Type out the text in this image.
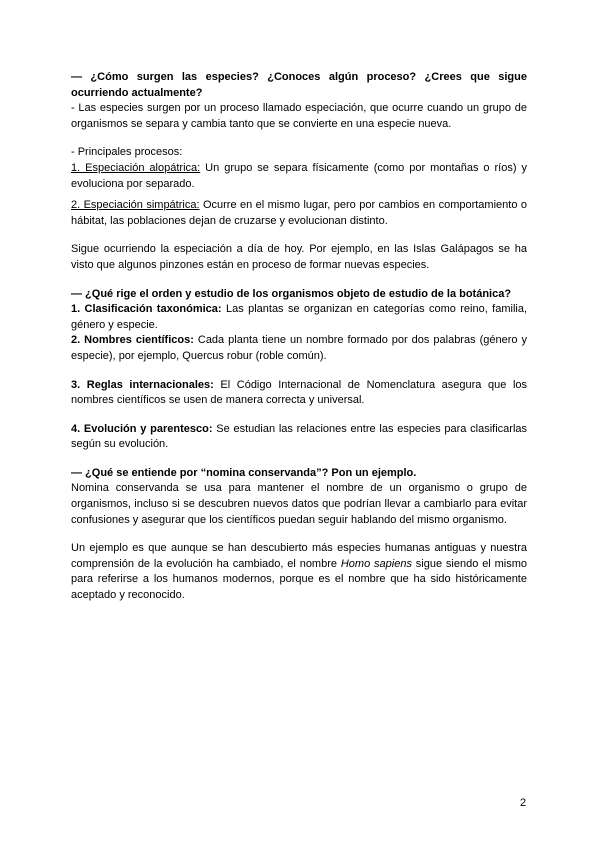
— ¿Cómo surgen las especies? ¿Conoces algún proceso? ¿Crees que sigue ocurriendo actualmente?

- Las especies surgen por un proceso llamado especiación, que ocurre cuando un grupo de organismos se separa y cambia tanto que se convierte en una especie nueva.

- Principales procesos:

1. Especiación alopátrica: Un grupo se separa físicamente (como por montañas o ríos) y evoluciona por separado.

2. Especiación simpátrica: Ocurre en el mismo lugar, pero por cambios en comportamiento o hábitat, las poblaciones dejan de cruzarse y evolucionan distinto.

Sigue ocurriendo la especiación a día de hoy. Por ejemplo, en las Islas Galápagos se ha visto que algunos pinzones están en proceso de formar nuevas especies.

— ¿Qué rige el orden y estudio de los organismos objeto de estudio de la botánica?

1. Clasificación taxonómica: Las plantas se organizan en categorías como reino, familia, género y especie.

2. Nombres científicos: Cada planta tiene un nombre formado por dos palabras (género y especie), por ejemplo, Quercus robur (roble común).

3. Reglas internacionales: El Código Internacional de Nomenclatura asegura que los nombres científicos se usen de manera correcta y universal.

4. Evolución y parentesco: Se estudian las relaciones entre las especies para clasificarlas según su evolución.

— ¿Qué se entiende por “nomina conservanda”? Pon un ejemplo.

Nomina conservanda se usa para mantener el nombre de un organismo o grupo de organismos, incluso si se descubren nuevos datos que podrían llevar a cambiarlo para evitar confusiones y asegurar que los científicos puedan seguir hablando del mismo organismo.

Un ejemplo es que aunque se han descubierto más especies humanas antiguas y nuestra comprensión de la evolución ha cambiado, el nombre Homo sapiens sigue siendo el mismo para referirse a los humanos modernos, porque es el nombre que ha sido históricamente aceptado y reconocido.

2
